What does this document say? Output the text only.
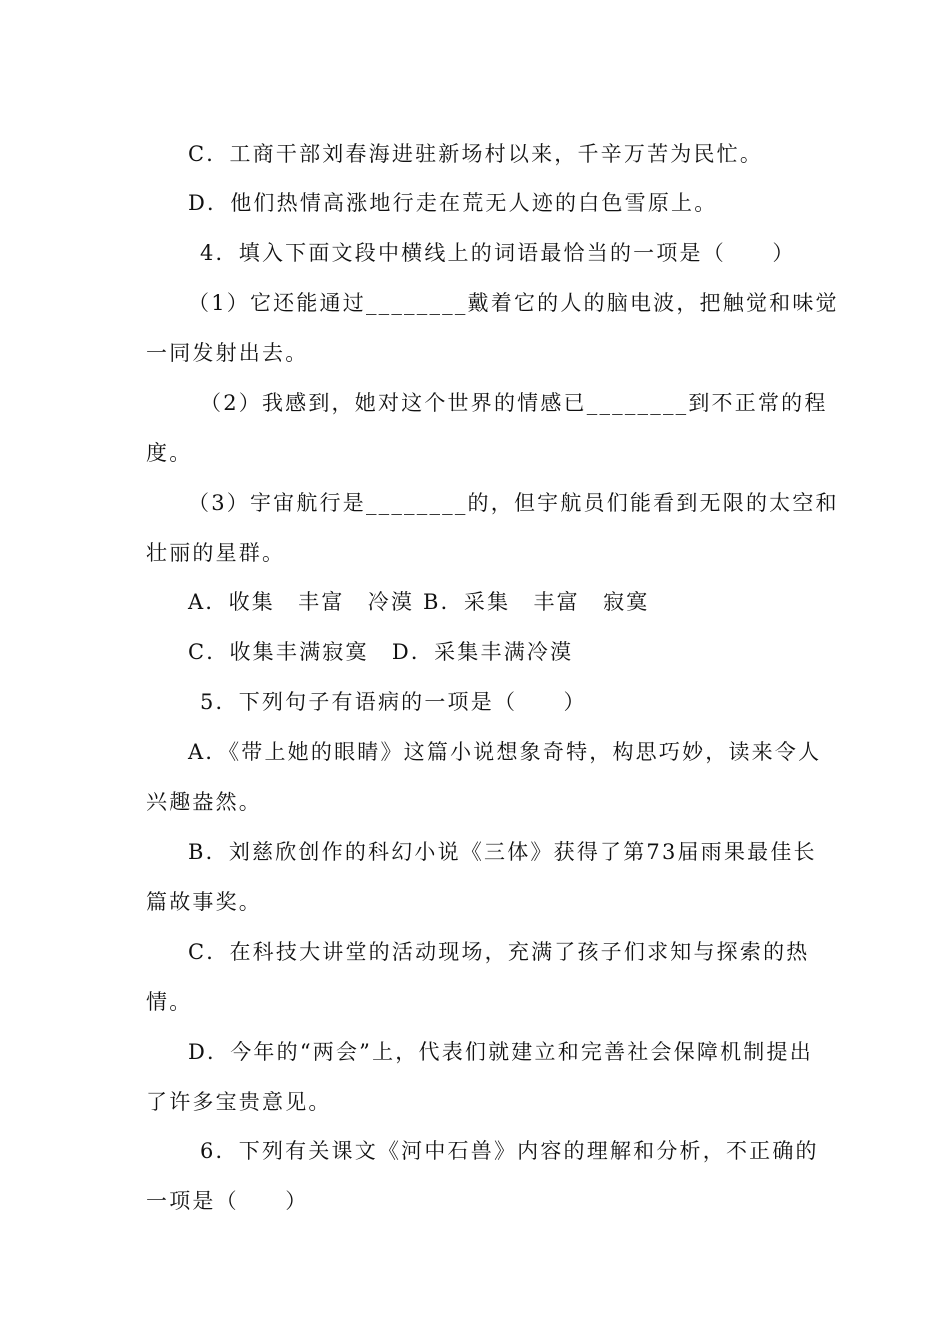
C．工商干部刘春海进驻新场村以来，千辛万苦为民忙。
D．他们热情高涨地行走在荒无人迹的白色雪原上。
4．填入下面文段中横线上的词语最恰当的一项是（　　）
（1）它还能通过________戴着它的人的脑电波，把触觉和味觉
一同发射出去。
（2）我感到，她对这个世界的情感已________到不正常的程
度。
（3）宇宙航行是________的，但宇航员们能看到无限的太空和
壮丽的星群。
A．收集　丰富　冷漠 B．采集　丰富　寂寞
C．收集丰满寂寞　D．采集丰满冷漠
5．下列句子有语病的一项是（　　）
A．《带上她的眼睛》这篇小说想象奇特，构思巧妙，读来令人
兴趣盎然。
B．刘慈欣创作的科幻小说《三体》获得了第73届雨果最佳长
篇故事奖。
C．在科技大讲堂的活动现场，充满了孩子们求知与探索的热
情。
D．今年的“两会”上，代表们就建立和完善社会保障机制提出
了许多宝贵意见。
6．下列有关课文《河中石兽》内容的理解和分析，不正确的
一项是（　　）
